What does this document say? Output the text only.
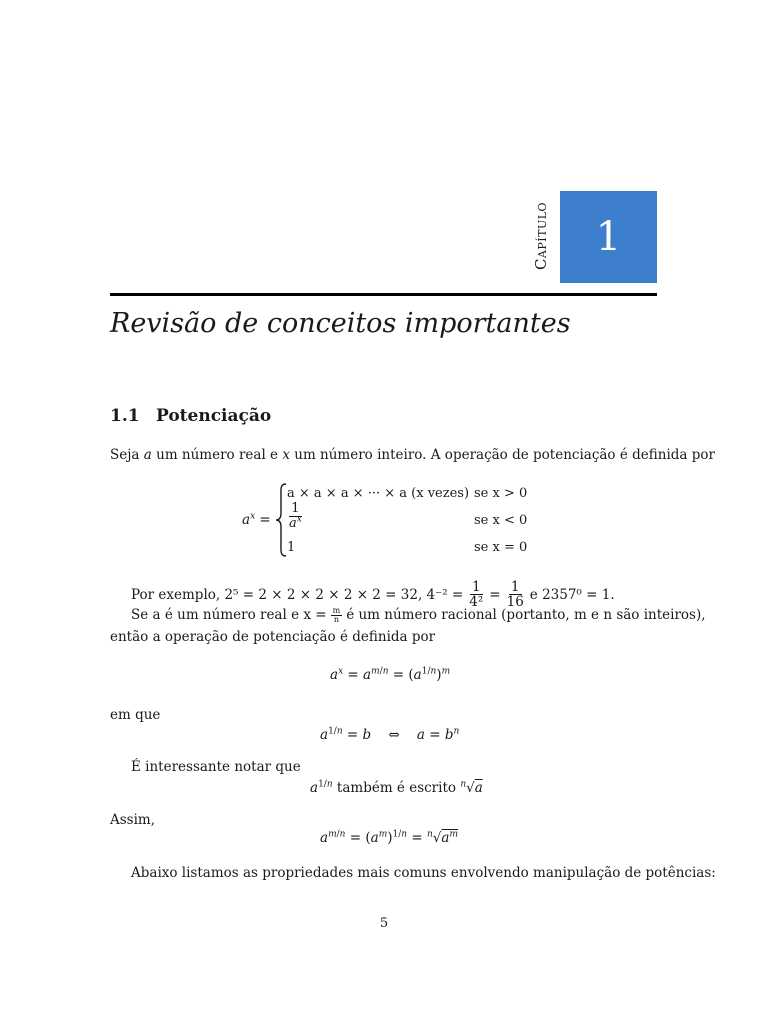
Capítulo 1
Revisão de conceitos importantes
1.1 Potenciação
Seja a um número real e x um número inteiro. A operação de potenciação é definida por
$a^x$ =
a × a × a × ··· × a (x vezes) se x > 0
$\frac{1}{a^x}$	se x < 0
1	se x = 0
Por exemplo, 2⁵ = 2 × 2 × 2 × 2 × 2 = 32, $4^{-2} = \frac{1}{\text{4²}} = \frac{1}{16}$ e 2357⁰ = 1.
Se a é um número real e $x = \frac{m}{n}$ é um número racional (portanto, m e n são inteiros),
então a operação de potenciação é definida por
$a^x = a^{m/n} = (a^{1/n})^m$
em que
$a^{1/n} = b$ ⇔ $a = b^n$
É interessante notar que
$a^{1/n}$ também é escrito $^n$√a
Assim,
$a^{m/n} = (a^m)^{1/n} = ^n√a^m$
Abaixo listamos as propriedades mais comuns envolvendo manipulação de potências:
5
